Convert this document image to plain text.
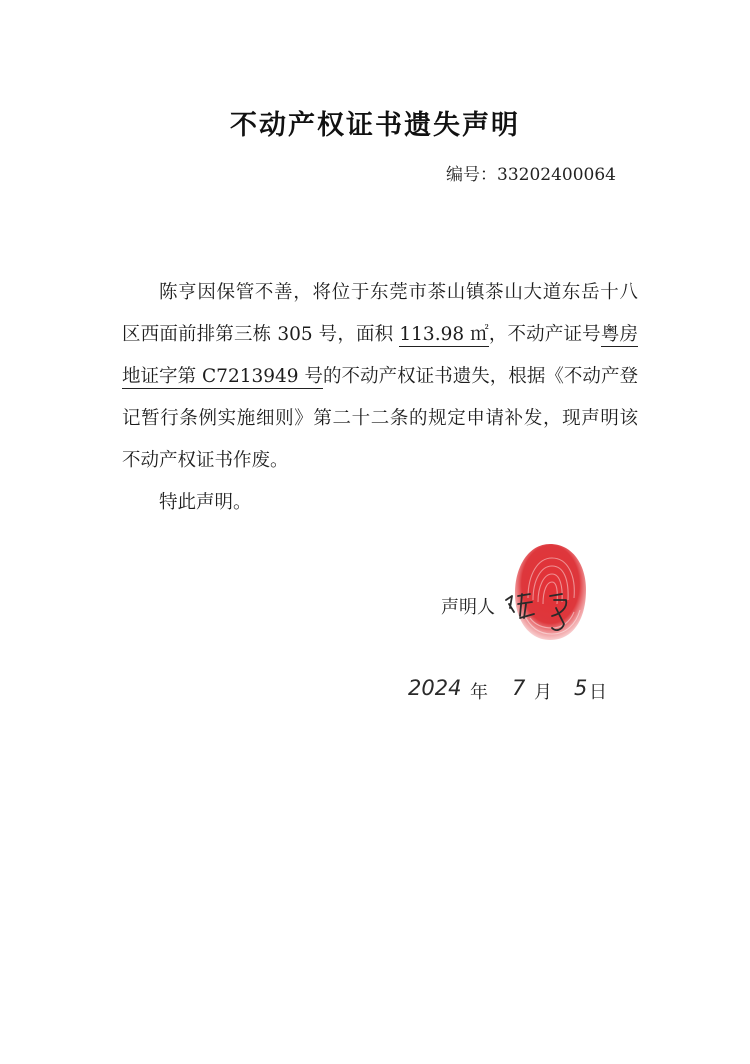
不动产权证书遗失声明
编号：33202400064

陈亨因保管不善，将位于东莞市茶山镇茶山大道东岳十八区西面前排第三栋 305 号，面积 113.98 ㎡，不动产证号粤房地证字第 C7213949 号的不动产权证书遗失，根据《不动产登记暂行条例实施细则》第二十二条的规定申请补发，现声明该不动产权证书作废。

特此声明。

声明人
2024 年 7 月 5 日
